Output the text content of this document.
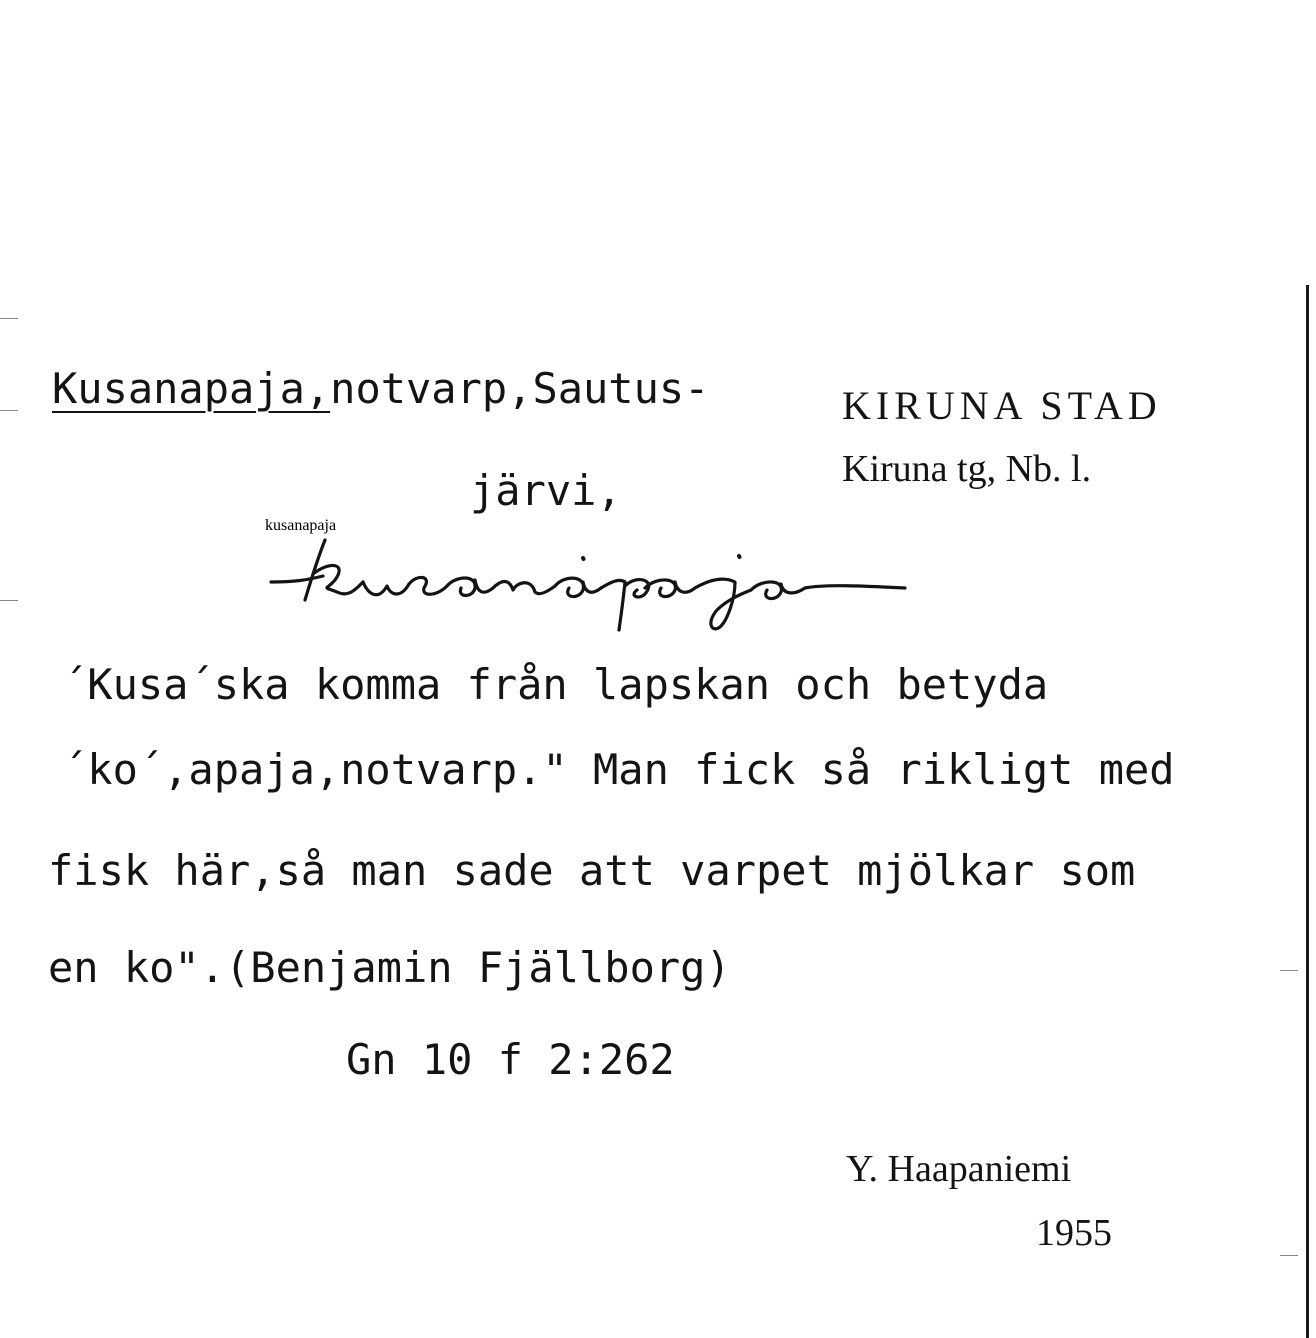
Kusanapaja,notvarp,Sautus-
järvi,
KIRUNA STAD
Kiruna tg, Nb. l.
kusanapaja
´Kusa´ska komma från lapskan och betyda
´ko´,apaja,notvarp." Man fick så rikligt med
fisk här,så man sade att varpet mjölkar som
en ko".(Benjamin Fjällborg)
Gn 10 f 2:262
Y. Haapaniemi
1955
